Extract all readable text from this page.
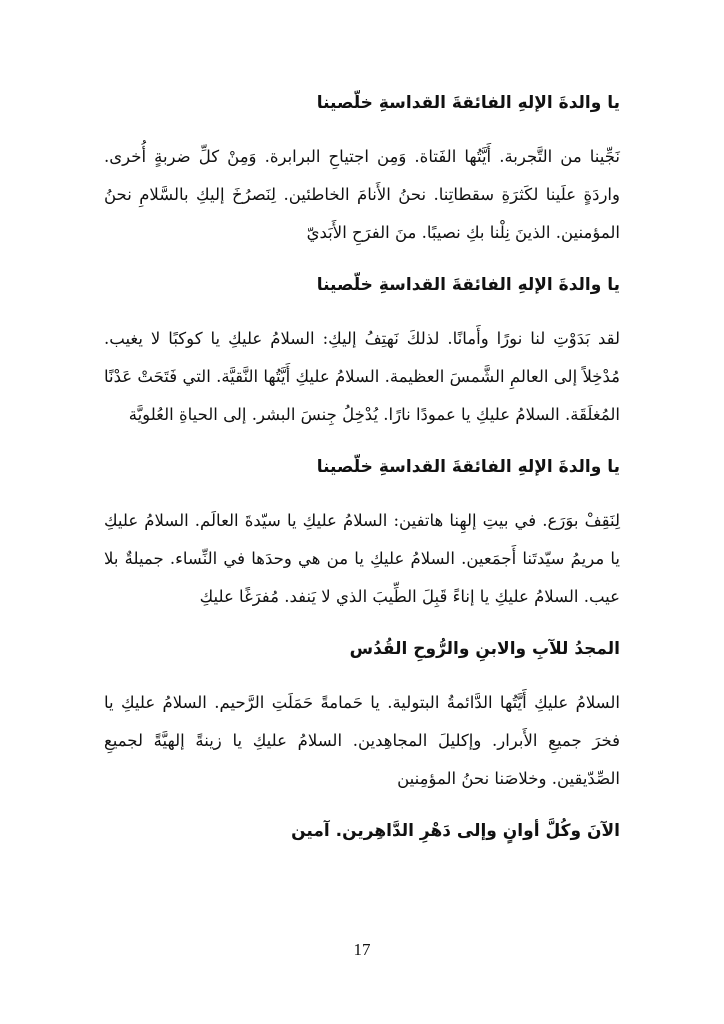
يا والدةَ الإلهِ الفائقةَ القداسةِ خلّصينا

نَجِّينا من التَّجربة. أَيَّتُها الفَتاة. وَمِن اجتياحِ البرابرة. وَمِنْ كلِّ ضربةٍ أُخرى. واردَةٍ علَينا لكَثرَةِ سقطاتِنا. نحنُ الأَنامَ الخاطئين. لِنَصرُخَ إليكِ بالسَّلامِ نحنُ المؤمنين. الذينَ نِلْنا بكِ نصيبًا. منَ الفرَحِ الأَبَديّ

يا والدةَ الإلهِ الفائقةَ القداسةِ خلّصينا

لقد بَدَوْتِ لنا نورًا وأَمانًا. لذلكَ نَهتِفُ إليكِ: السلامُ عليكِ يا كوكبًا لا يغيب. مُدْخِلاً إلى العالمِ الشَّمسَ العظيمة. السلامُ عليكِ أَيَّتُها النَّقيَّة. التي فَتَحَتْ عَدْنًا المُغلَقَة. السلامُ عليكِ يا عمودًا نارًا. يُدْخِلُ جِنسَ البشر. إلى الحياةِ العُلويَّة

يا والدةَ الإلهِ الفائقةَ القداسةِ خلّصينا

لِنَقِفْ بوَرَع. في بيتِ إلهِنا هاتفين: السلامُ عليكِ يا سيّدةَ العالَم. السلامُ عليكِ يا مريمُ سيّدتَنا أَجمَعين. السلامُ عليكِ يا من هي وحدَها في النِّساء. جميلةٌ بلا عيب. السلامُ عليكِ يا إناءً قَبِلَ الطِّيبَ الذي لا يَنفد. مُفرَغًا عليكِ

المجدُ للآبِ والابنِ والرُّوحِ القُدُس

السلامُ عليكِ أَيَّتُها الدَّائمةُ البتولية. يا حَمامةً حَمَلَتِ الرَّحيم. السلامُ عليكِ يا فخرَ جميعِ الأَبرار. وإكليلَ المجاهِدين. السلامُ عليكِ يا زينةً إلهيَّةً لجميعِ الصِّدّيقين. وخلاصَنا نحنُ المؤمِنين

الآنَ وكُلَّ أوانٍ وإلى دَهْرِ الدَّاهِرين. آمين

17
